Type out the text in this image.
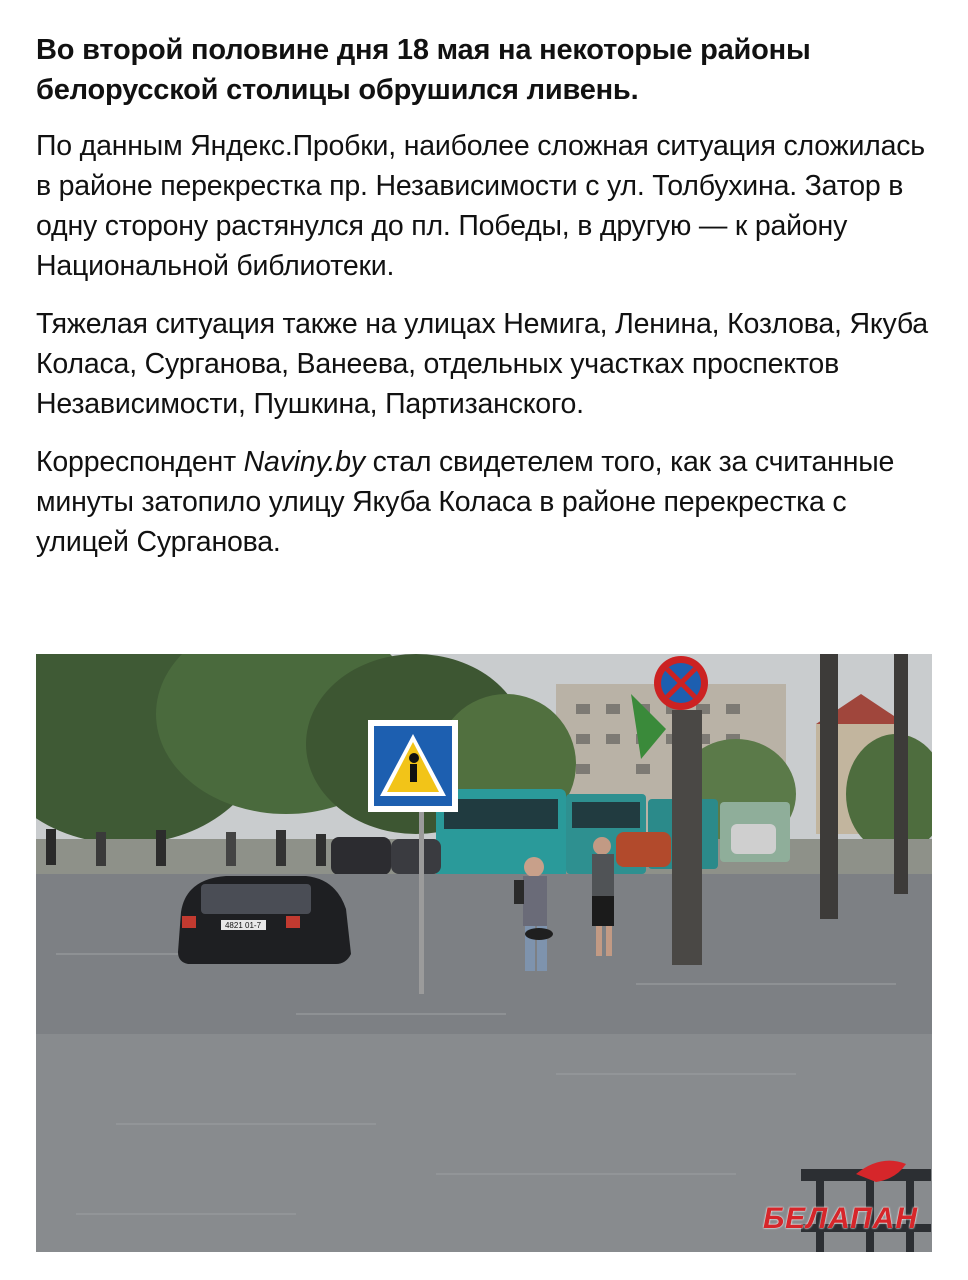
Во второй половине дня 18 мая на некоторые районы белорусской столицы обрушился ливень.

По данным Яндекс.Пробки, наиболее сложная ситуация сложилась в районе перекрестка пр. Независимости с ул. Толбухина. Затор в одну сторону растянулся до пл. Победы, в другую — к району Национальной библиотеки.

Тяжелая ситуация также на улицах Немига, Ленина, Козлова, Якуба Коласа, Сурганова, Ванеева, отдельных участках проспектов Независимости, Пушкина, Партизанского.

Корреспондент Naviny.by стал свидетелем того, как за считанные минуты затопило улицу Якуба Коласа в районе перекрестка с улицей Сурганова.

4821 01-7
БЕЛАПАН
